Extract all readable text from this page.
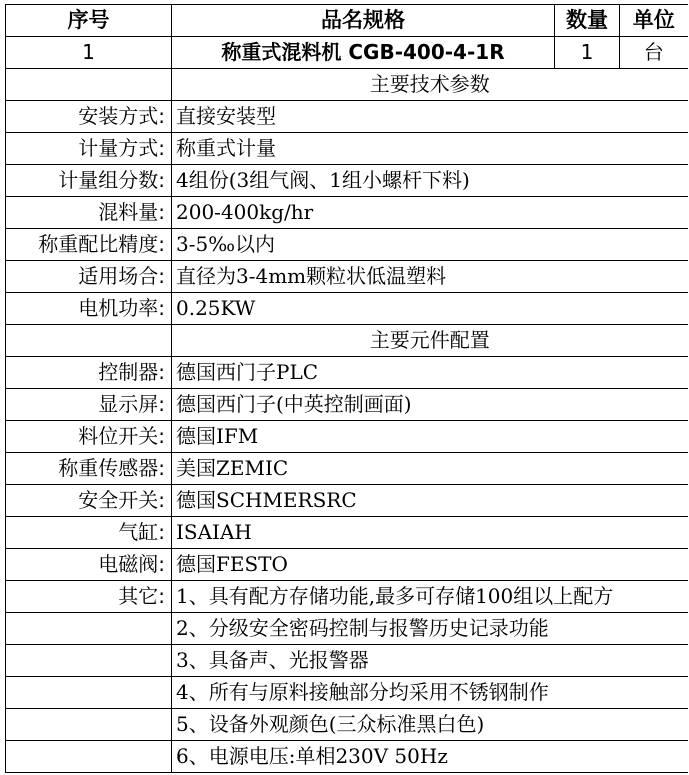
序号	品名规格	数量	单位
1	称重式混料机 CGB-400-4-1R	1	台
	主要技术参数		
安装方式:	直接安装型		
计量方式:	称重式计量		
计量组分数:	4组份(3组气阀、1组小螺杆下料)		
混料量:	200-400kg/hr		
称重配比精度:	3-5‰以内		
适用场合:	直径为3-4mm颗粒状低温塑料		
电机功率:	0.25KW		
	主要元件配置		
控制器:	德国西门子PLC		
显示屏:	德国西门子(中英控制画面)		
料位开关:	德国IFM		
称重传感器:	美国ZEMIC		
安全开关:	德国SCHMERSRC		
气缸:	ISAIAH		
电磁阀:	德国FESTO		
其它:	1、具有配方存储功能,最多可存储100组以上配方		
	2、分级安全密码控制与报警历史记录功能		
	3、具备声、光报警器		
	4、所有与原料接触部分均采用不锈钢制作		
	5、设备外观颜色(三众标准黑白色)		
	6、电源电压:单相230V 50Hz		
